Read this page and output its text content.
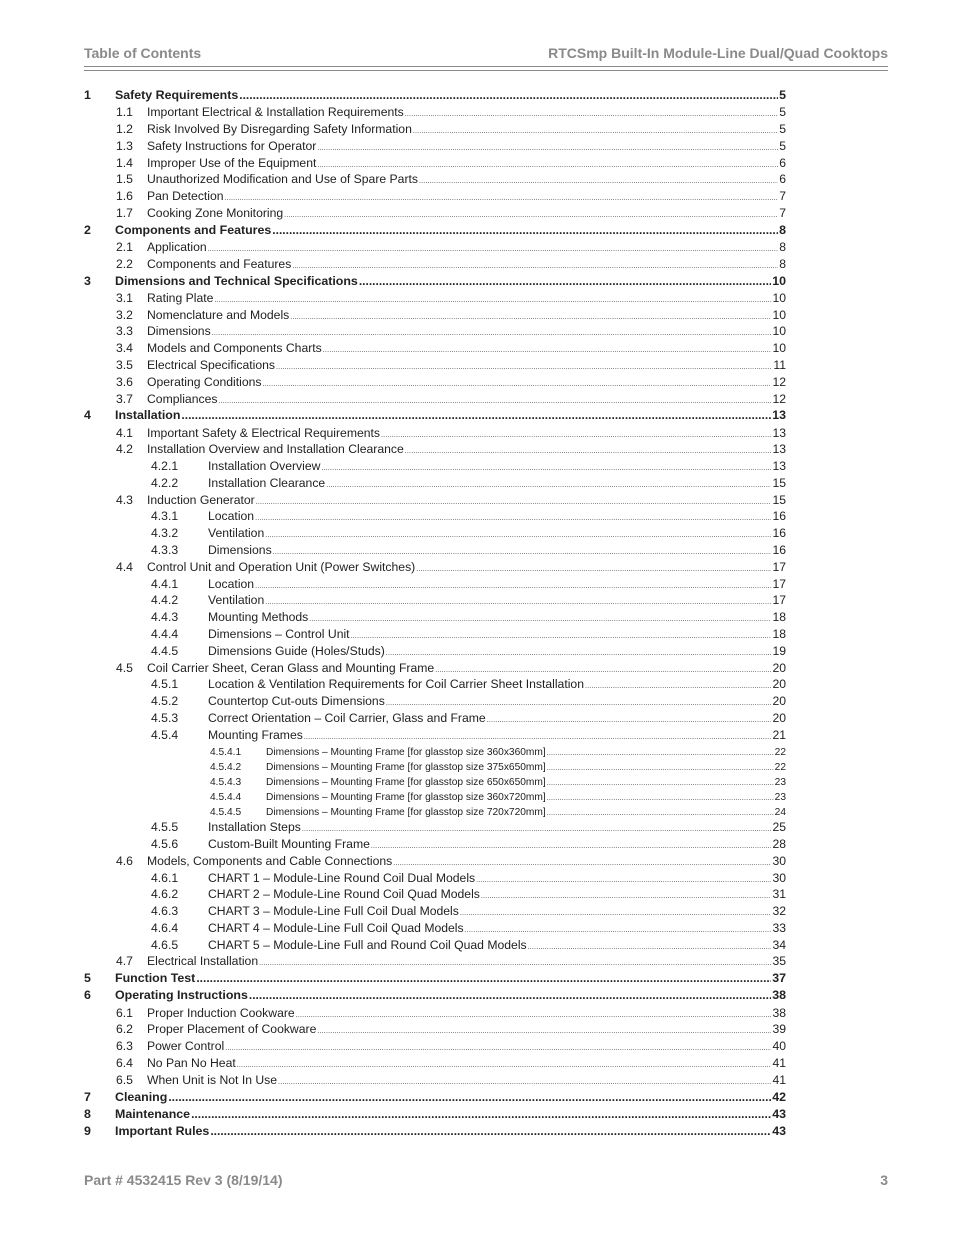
Table of Contents	RTCSmp Built-In Module-Line Dual/Quad Cooktops
1	Safety Requirements .....	5
1.1	Important Electrical & Installation Requirements .....	5
1.2	Risk Involved By Disregarding Safety Information .....	5
1.3	Safety Instructions for Operator .....	5
1.4	Improper Use of the Equipment .....	6
1.5	Unauthorized Modification and Use of Spare Parts .....	6
1.6	Pan Detection .....	7
1.7	Cooking Zone Monitoring .....	7
2	Components and Features .....	8
2.1	Application .....	8
2.2	Components and Features .....	8
3	Dimensions and Technical Specifications .....	10
3.1	Rating Plate .....	10
3.2	Nomenclature and Models .....	10
3.3	Dimensions .....	10
3.4	Models and Components Charts .....	10
3.5	Electrical Specifications .....	11
3.6	Operating Conditions .....	12
3.7	Compliances .....	12
4	Installation .....	13
4.1	Important Safety & Electrical Requirements .....	13
4.2	Installation Overview and Installation Clearance .....	13
4.2.1	Installation Overview .....	13
4.2.2	Installation Clearance .....	15
4.3	Induction Generator .....	15
4.3.1	Location .....	16
4.3.2	Ventilation .....	16
4.3.3	Dimensions .....	16
4.4	Control Unit and Operation Unit (Power Switches) .....	17
4.4.1	Location .....	17
4.4.2	Ventilation .....	17
4.4.3	Mounting Methods .....	18
4.4.4	Dimensions – Control Unit .....	18
4.4.5	Dimensions Guide (Holes/Studs) .....	19
4.5	Coil Carrier Sheet, Ceran Glass and Mounting Frame .....	20
4.5.1	Location & Ventilation Requirements for Coil Carrier Sheet Installation .....	20
4.5.2	Countertop Cut-outs Dimensions .....	20
4.5.3	Correct Orientation – Coil Carrier, Glass and Frame .....	20
4.5.4	Mounting Frames .....	21
4.5.4.1	Dimensions – Mounting Frame [for glasstop size 360x360mm] .....	22
4.5.4.2	Dimensions – Mounting Frame [for glasstop size 375x650mm] .....	22
4.5.4.3	Dimensions – Mounting Frame [for glasstop size 650x650mm] .....	23
4.5.4.4	Dimensions – Mounting Frame [for glasstop size 360x720mm] .....	23
4.5.4.5	Dimensions – Mounting Frame [for glasstop size 720x720mm] .....	24
4.5.5	Installation Steps .....	25
4.5.6	Custom-Built Mounting Frame .....	28
4.6	Models, Components and Cable Connections .....	30
4.6.1	CHART 1 – Module-Line Round Coil Dual Models .....	30
4.6.2	CHART 2 – Module-Line Round Coil Quad Models .....	31
4.6.3	CHART 3 – Module-Line Full Coil Dual Models .....	32
4.6.4	CHART 4 – Module-Line Full Coil Quad Models .....	33
4.6.5	CHART 5 – Module-Line Full and Round Coil Quad Models .....	34
4.7	Electrical Installation .....	35
5	Function Test .....	37
6	Operating Instructions .....	38
6.1	Proper Induction Cookware .....	38
6.2	Proper Placement of Cookware .....	39
6.3	Power Control .....	40
6.4	No Pan No Heat .....	41
6.5	When Unit is Not In Use .....	41
7	Cleaning .....	42
8	Maintenance .....	43
9	Important Rules .....	43
Part # 4532415 Rev 3 (8/19/14)	3
